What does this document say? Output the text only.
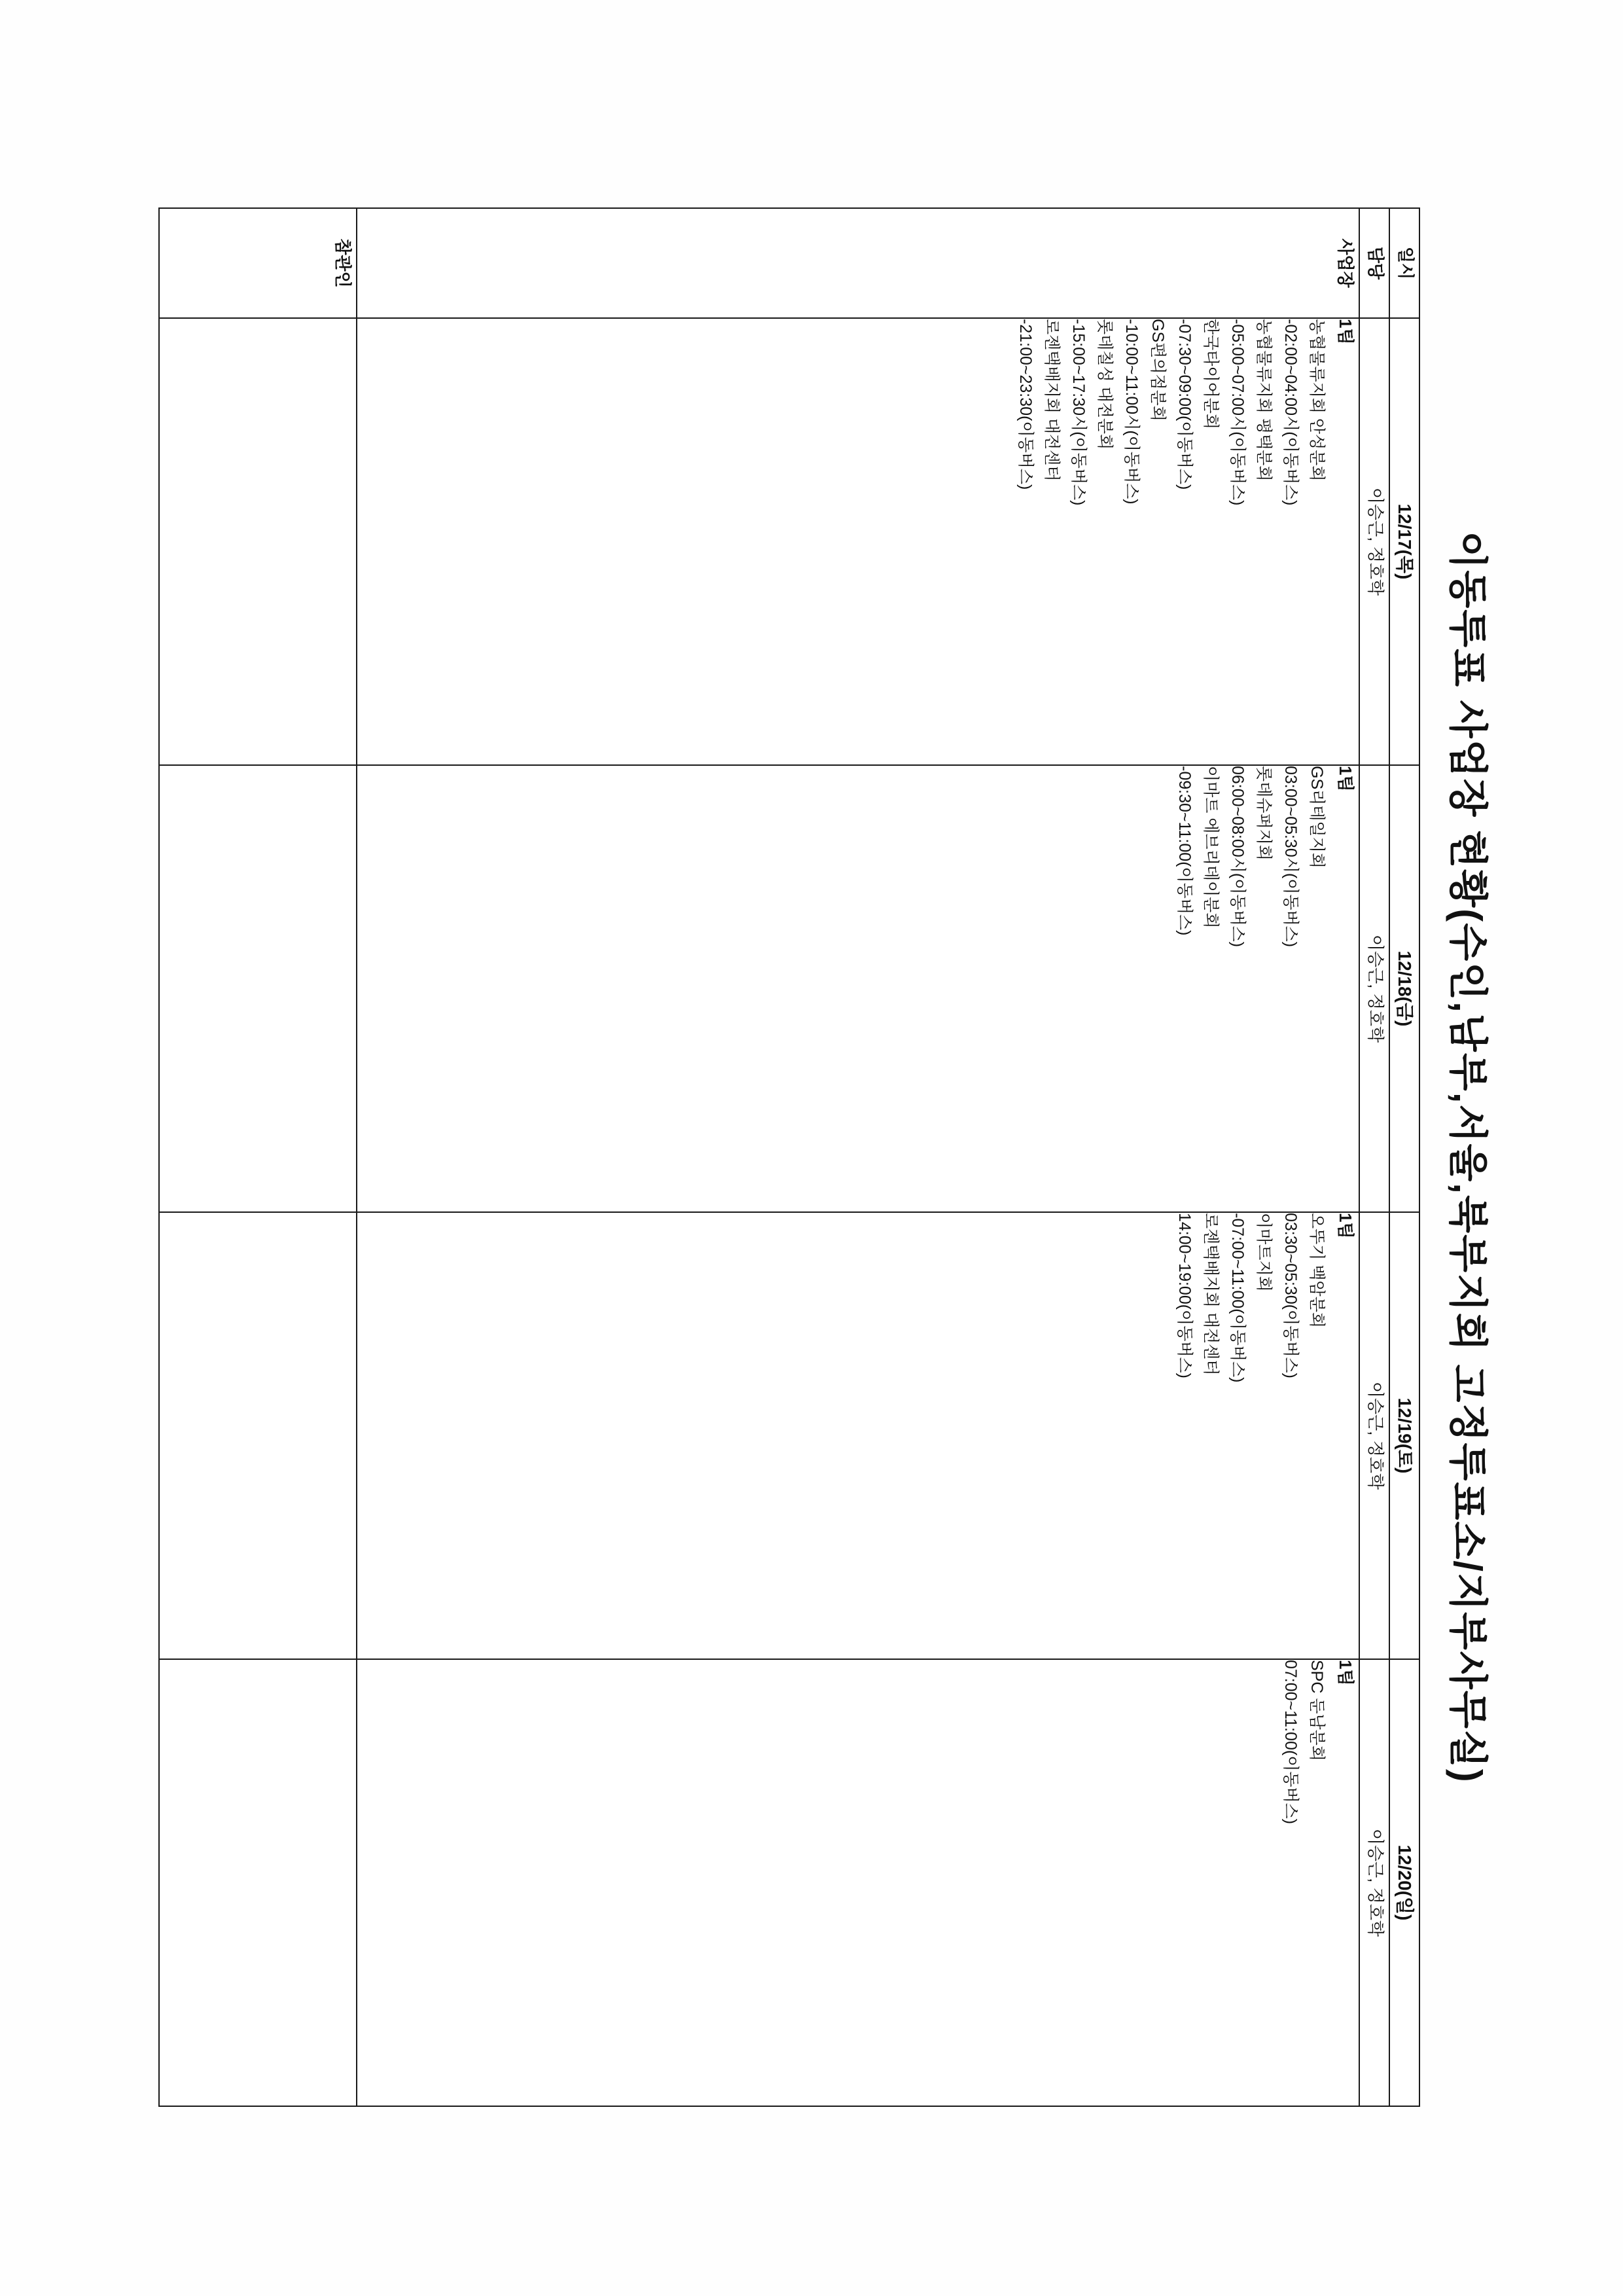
이동투표 사업장 현황(수인,남부,서울,북부지회 고정투표소/지부사무실)
일시	12/17(목)	12/18(금)	12/19(토)	12/20(일)
담당	이승근, 정호학	이승근, 정호학	이승근, 정호학	이승근, 정호학
사업장	
1팀
농협물류지회 안성분회
-02:00~04:00시(이동버스)
농협물류지회 평택분회
-05:00~07:00시(이동버스)
한국타이어분회
-07:30~09:00(이동버스)
GS편의점분회
-10:00~11:00시(이동버스)
롯데칠성 대전분회
-15:00~17:30시(이동버스)
로젠택배지회 대전센터
-21:00~23:30(이동버스)

1팀
GS리테일지회
03:00~05:30시(이동버스)
롯데슈퍼지회
06:00~08:00시(이동버스)
이마트 에브리데이분회
-09:30~11:00(이동버스)

1팀
오뚜기 백암분회
03:30~05:30(이동버스)
이마트지회
-07:00~11:00(이동버스)
로젠택배지회 대전센터
14:00~19:00(이동버스)

1팀
SPC 둔남분회
07:00~11:00(이동버스)

참관인				
